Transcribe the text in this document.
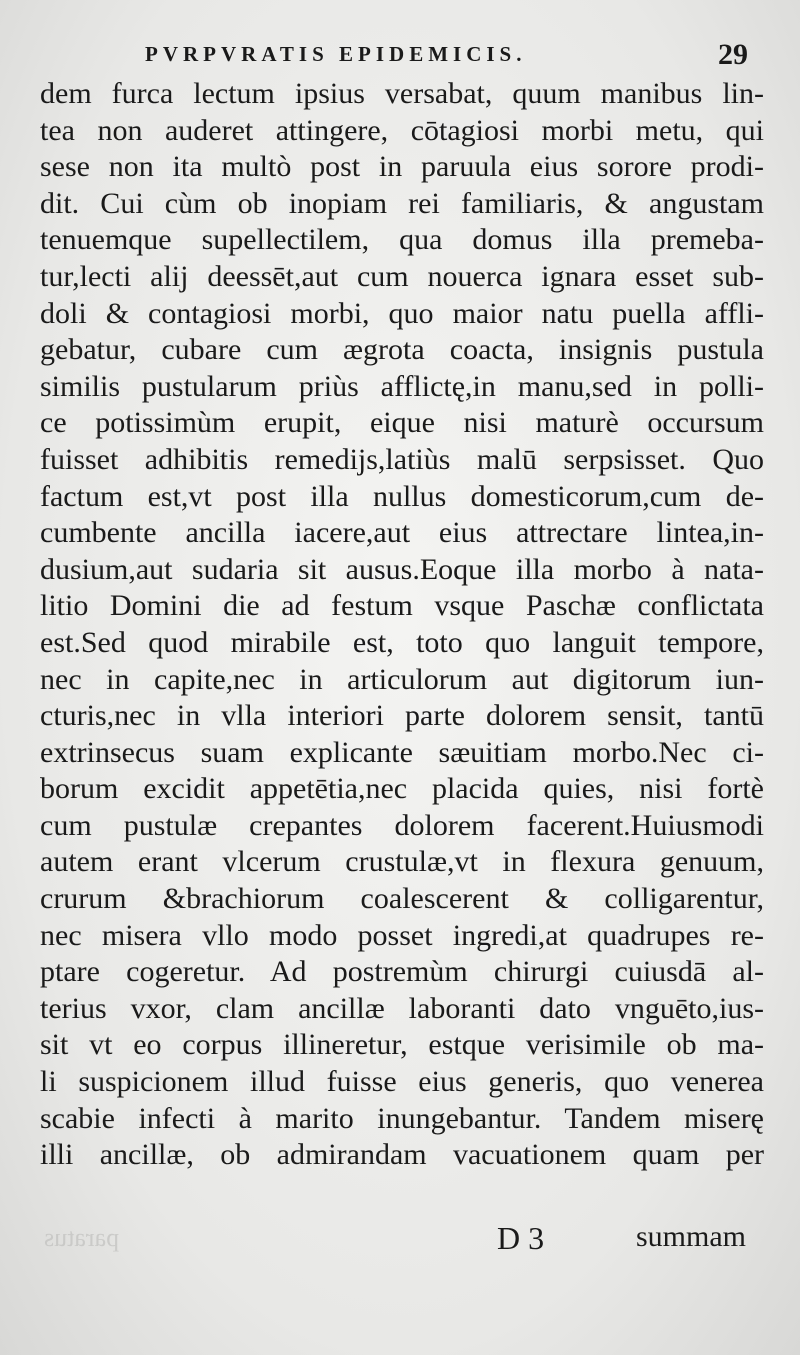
PVRPVRATIS EPIDEMICIS.	29
dem furca lectum ipsius versabat, quum manibus lin-
tea non auderet attingere, cōtagiosi morbi metu, qui
sese non ita multò post in paruula eius sorore prodi-
dit. Cui cùm ob inopiam rei familiaris, & angustam
tenuemque supellectilem, qua domus illa premeba-
tur,lecti alij deessēt,aut cum nouerca ignara esset sub-
doli & contagiosi morbi, quo maior natu puella affli-
gebatur, cubare cum ægrota coacta, insignis pustula
similis pustularum priùs afflictę,in manu,sed in polli-
ce potissimùm erupit, eique nisi maturè occursum
fuisset adhibitis remedijs,latiùs malū serpsisset. Quo
factum est,vt post illa nullus domesticorum,cum de-
cumbente ancilla iacere,aut eius attrectare lintea,in-
dusium,aut sudaria sit ausus.Eoque illa morbo à nata-
litio Domini die ad festum vsque Paschæ conflictata
est.Sed quod mirabile est, toto quo languit tempore,
nec in capite,nec in articulorum aut digitorum iun-
cturis,nec in vlla interiori parte dolorem sensit, tantū
extrinsecus suam explicante sæuitiam morbo.Nec ci-
borum excidit appetētia,nec placida quies, nisi fortè
cum pustulæ crepantes dolorem facerent.Huiusmodi
autem erant vlcerum crustulæ,vt in flexura genuum,
crurum &brachiorum coalescerent & colligarentur,
nec misera vllo modo posset ingredi,at quadrupes re-
ptare cogeretur. Ad postremùm chirurgi cuiusdā al-
terius vxor, clam ancillæ laboranti dato vnguēto,ius-
sit vt eo corpus illineretur, estque verisimile ob ma-
li suspicionem illud fuisse eius generis, quo venerea
scabie infecti à marito inungebantur. Tandem miserę
illi ancillæ, ob admirandam vacuationem quam per
paratus	D 3	summam
